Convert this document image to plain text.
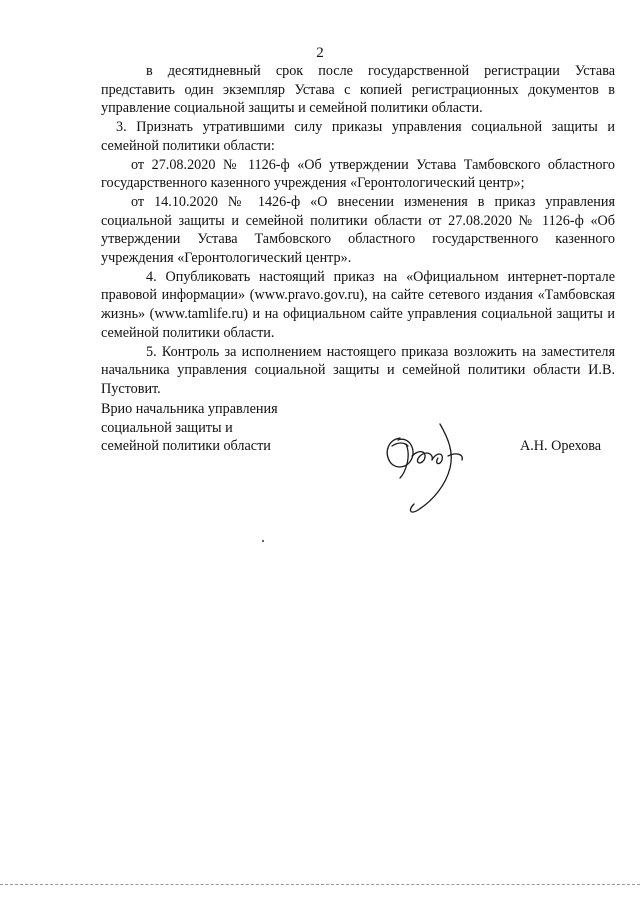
2

в десятидневный срок после государственной регистрации Устава представить один экземпляр Устава с копией регистрационных документов в управление социальной защиты и семейной политики области.

3. Признать утратившими силу приказы управления социальной защиты и семейной политики области:

от 27.08.2020 № 1126-ф «Об утверждении Устава Тамбовского областного государственного казенного учреждения «Геронтологический центр»;

от 14.10.2020 № 1426-ф «О внесении изменения в приказ управления социальной защиты и семейной политики области от 27.08.2020 № 1126-ф «Об утверждении Устава Тамбовского областного государственного казенного учреждения «Геронтологический центр».

4. Опубликовать настоящий приказ на «Официальном интернет-портале правовой информации» (www.pravo.gov.ru), на сайте сетевого издания «Тамбовская жизнь» (www.tamlife.ru) и на официальном сайте управления социальной защиты и семейной политики области.

5. Контроль за исполнением настоящего приказа возложить на заместителя начальника управления социальной защиты и семейной политики области И.В. Пустовит.

Врио начальника управления

социальной защиты и

семейной политики области	А.Н. Орехова
